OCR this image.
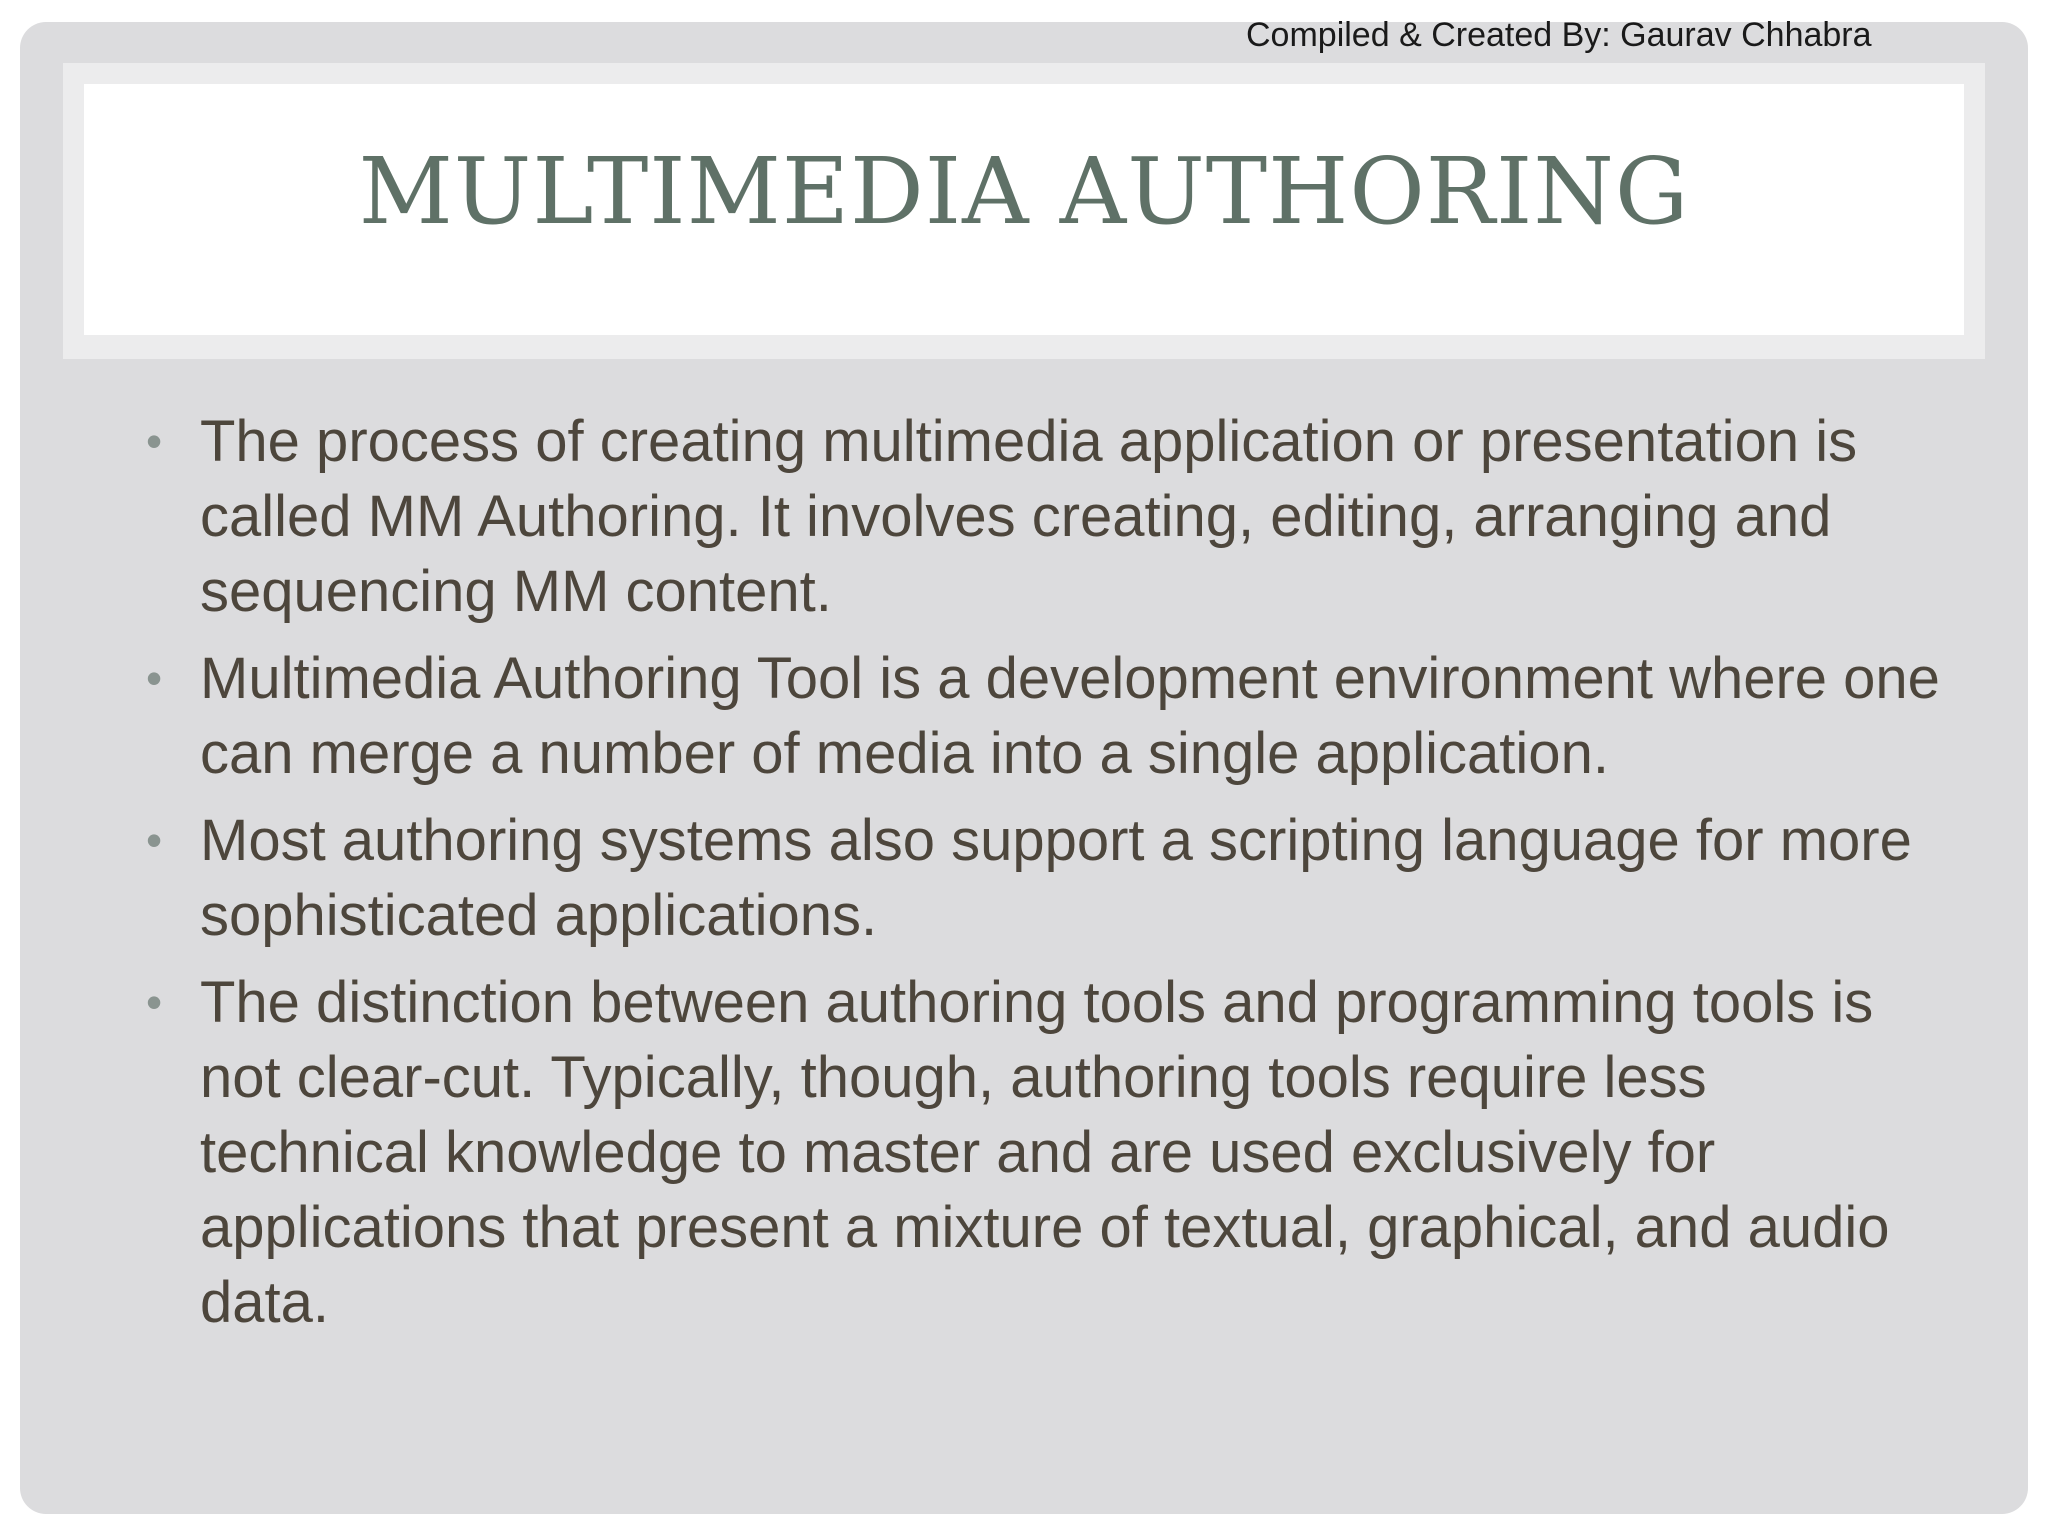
MULTIMEDIA AUTHORING
Compiled & Created By: Gaurav Chhabra
• The process of creating multimedia application or presentation is called MM Authoring. It involves creating, editing, arranging and sequencing MM content.
• Multimedia Authoring Tool is a development environment where one can merge a number of media into a single application.
• Most authoring systems also support a scripting language for more sophisticated applications.
• The distinction between authoring tools and programming tools is not clear-cut. Typically, though, authoring tools require less technical knowledge to master and are used exclusively for applications that present a mixture of textual, graphical, and audio data.
